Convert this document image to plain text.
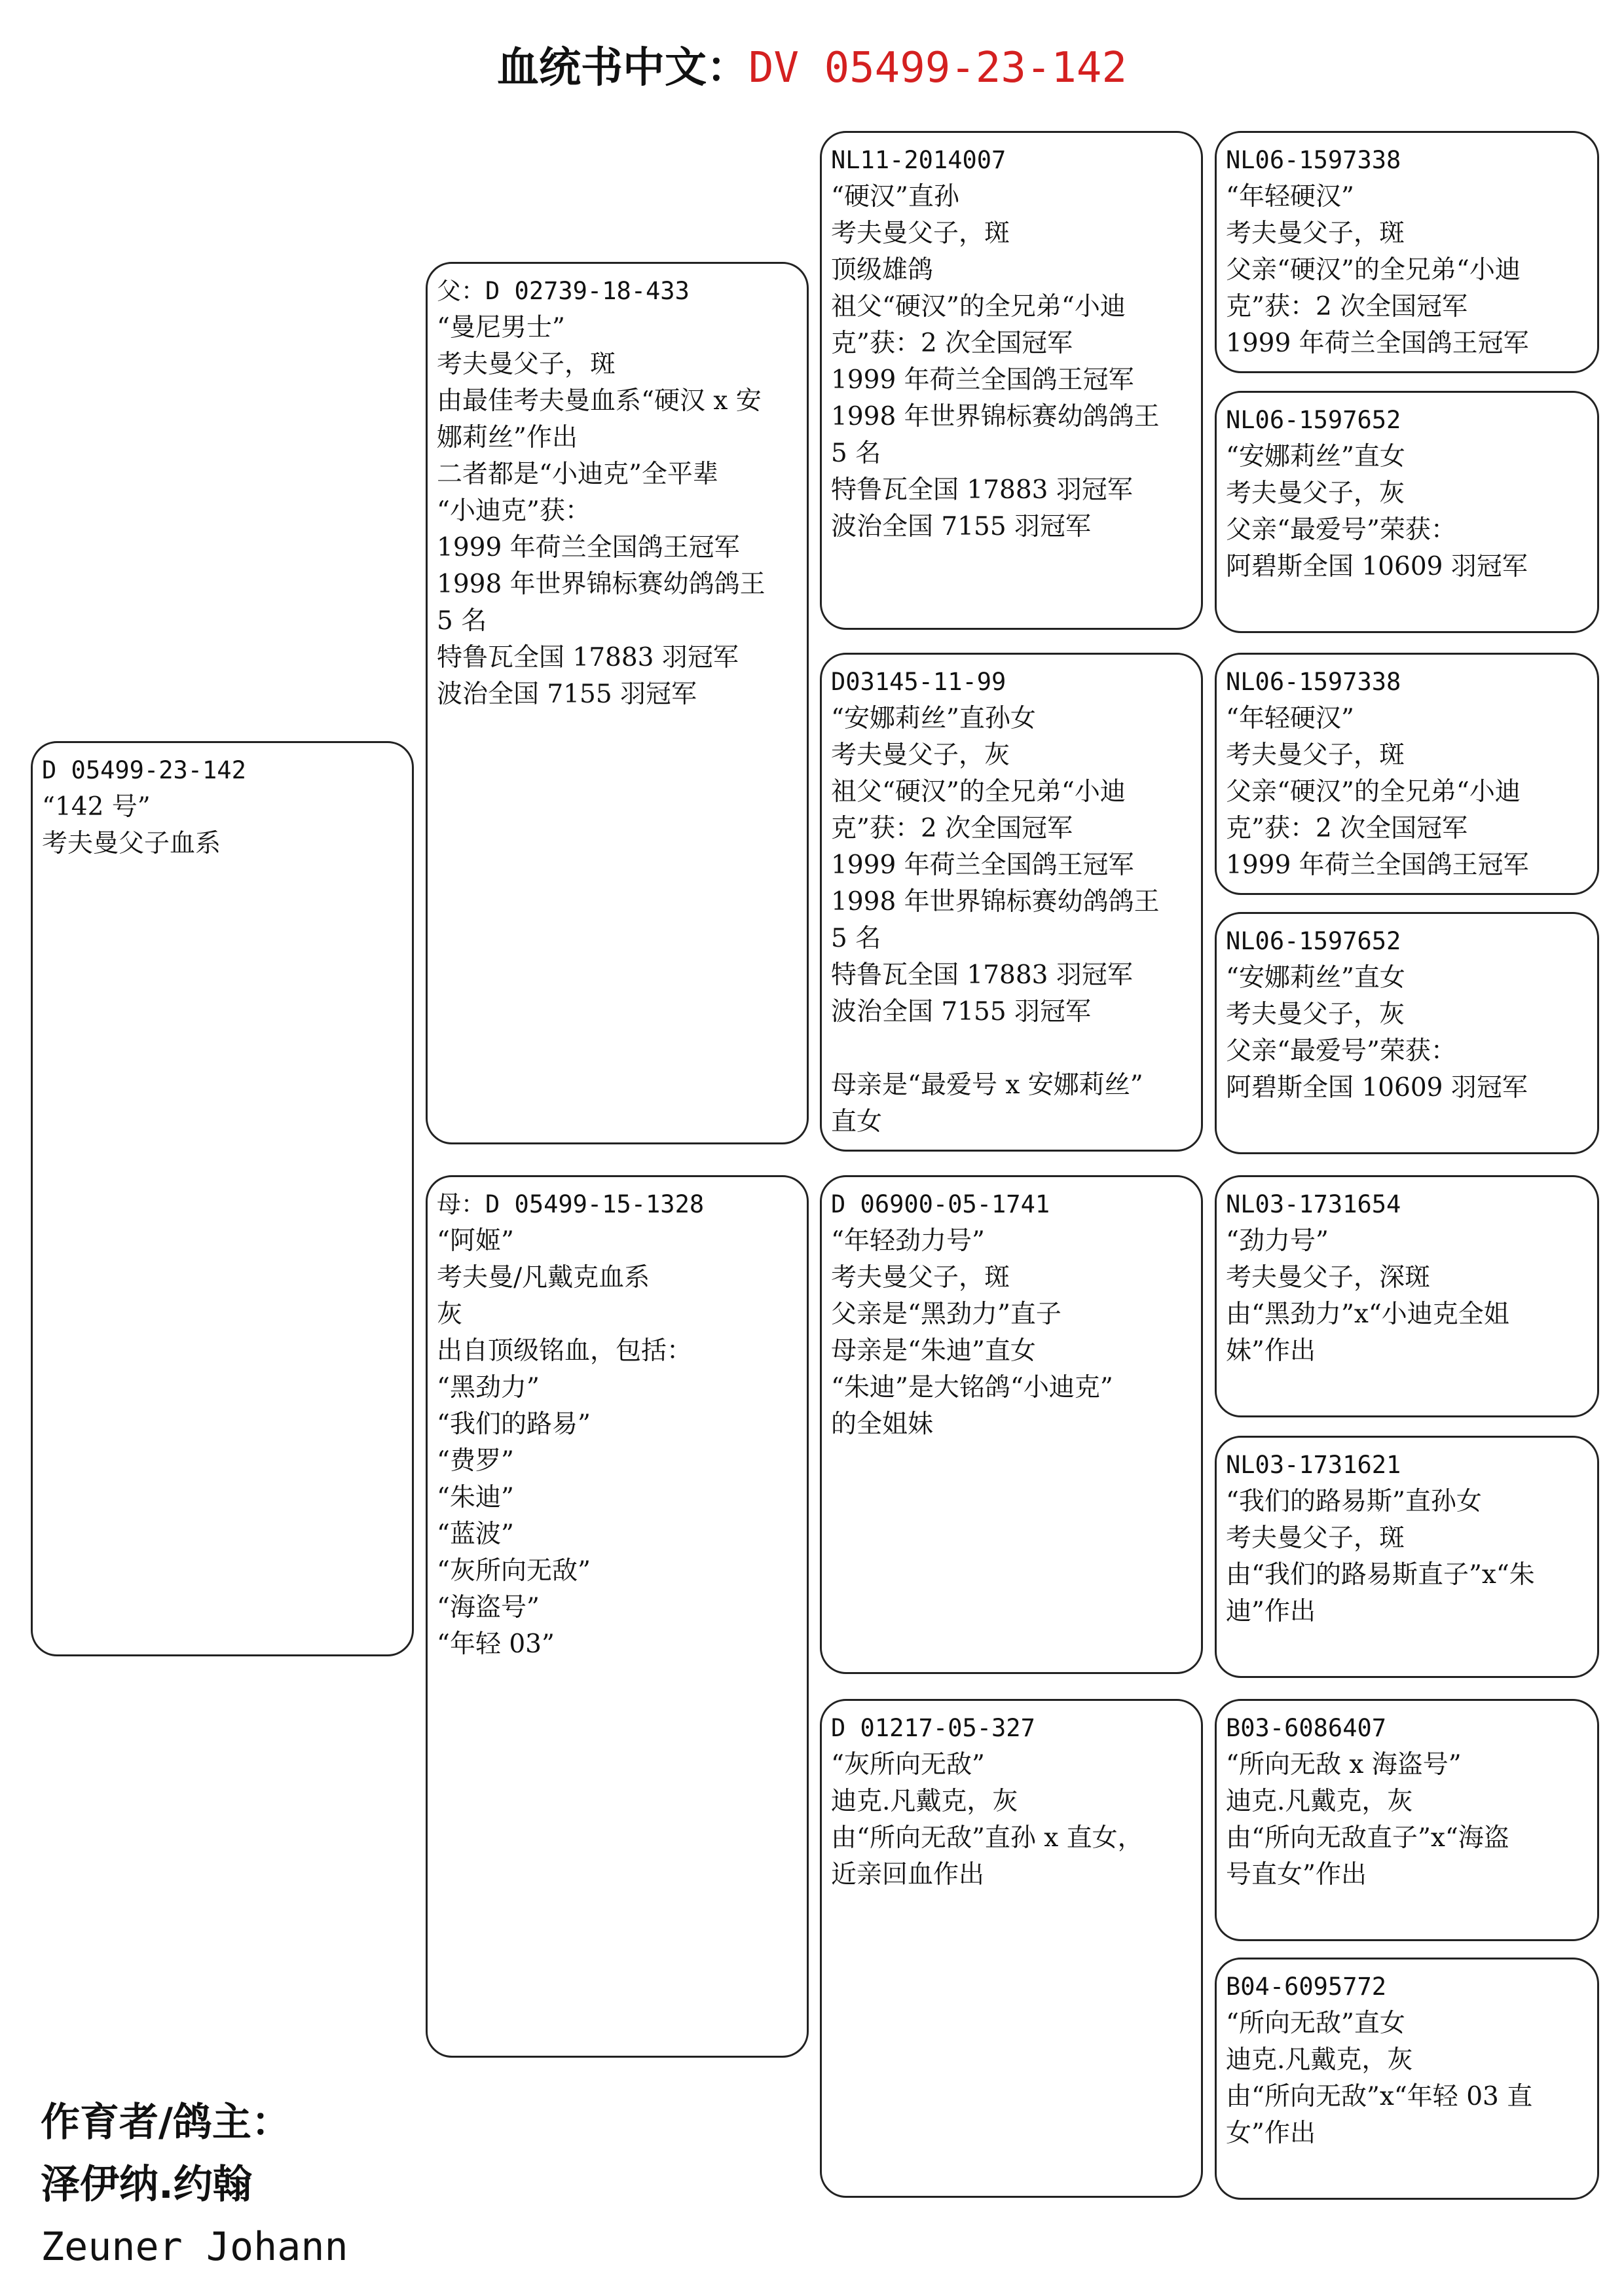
血统书中文：DV 05499-23-142
D 05499-23-142
“142 号”
考夫曼父子血系
父：D 02739-18-433
“曼尼男士”
考夫曼父子，斑
由最佳考夫曼血系“硬汉 x 安
娜莉丝”作出
二者都是“小迪克”全平辈
“小迪克”获：
1999 年荷兰全国鸽王冠军
1998 年世界锦标赛幼鸽鸽王
5 名
特鲁瓦全国 17883 羽冠军
波治全国 7155 羽冠军
母：D 05499-15-1328
“阿姬”
考夫曼/凡戴克血系
灰
出自顶级铭血，包括：
“黑劲力”
“我们的路易”
“费罗”
“朱迪”
“蓝波”
“灰所向无敌”
“海盗号”
“年轻 03”
NL11-2014007
“硬汉”直孙
考夫曼父子，斑
顶级雄鸽
祖父“硬汉”的全兄弟“小迪
克”获：2 次全国冠军
1999 年荷兰全国鸽王冠军
1998 年世界锦标赛幼鸽鸽王
5 名
特鲁瓦全国 17883 羽冠军
波治全国 7155 羽冠军
D03145-11-99
“安娜莉丝”直孙女
考夫曼父子，灰
祖父“硬汉”的全兄弟“小迪
克”获：2 次全国冠军
1999 年荷兰全国鸽王冠军
1998 年世界锦标赛幼鸽鸽王
5 名
特鲁瓦全国 17883 羽冠军
波治全国 7155 羽冠军
母亲是“最爱号 x 安娜莉丝”
直女
D 06900-05-1741
“年轻劲力号”
考夫曼父子，斑
父亲是“黑劲力”直子
母亲是“朱迪”直女
“朱迪”是大铭鸽“小迪克”
的全姐妹
D 01217-05-327
“灰所向无敌”
迪克.凡戴克，灰
由“所向无敌”直孙 x 直女，
近亲回血作出
NL06-1597338
“年轻硬汉”
考夫曼父子，斑
父亲“硬汉”的全兄弟“小迪
克”获：2 次全国冠军
1999 年荷兰全国鸽王冠军
NL06-1597652
“安娜莉丝”直女
考夫曼父子，灰
父亲“最爱号”荣获：
阿碧斯全国 10609 羽冠军
NL06-1597338
“年轻硬汉”
考夫曼父子，斑
父亲“硬汉”的全兄弟“小迪
克”获：2 次全国冠军
1999 年荷兰全国鸽王冠军
NL06-1597652
“安娜莉丝”直女
考夫曼父子，灰
父亲“最爱号”荣获：
阿碧斯全国 10609 羽冠军
NL03-1731654
“劲力号”
考夫曼父子，深斑
由“黑劲力”x“小迪克全姐
妹”作出
NL03-1731621
“我们的路易斯”直孙女
考夫曼父子，斑
由“我们的路易斯直子”x“朱
迪”作出
B03-6086407
“所向无敌 x 海盗号”
迪克.凡戴克，灰
由“所向无敌直子”x“海盗
号直女”作出
B04-6095772
“所向无敌”直女
迪克.凡戴克，灰
由“所向无敌”x“年轻 03 直
女”作出
作育者/鸽主：
泽伊纳.约翰
Zeuner Johann
